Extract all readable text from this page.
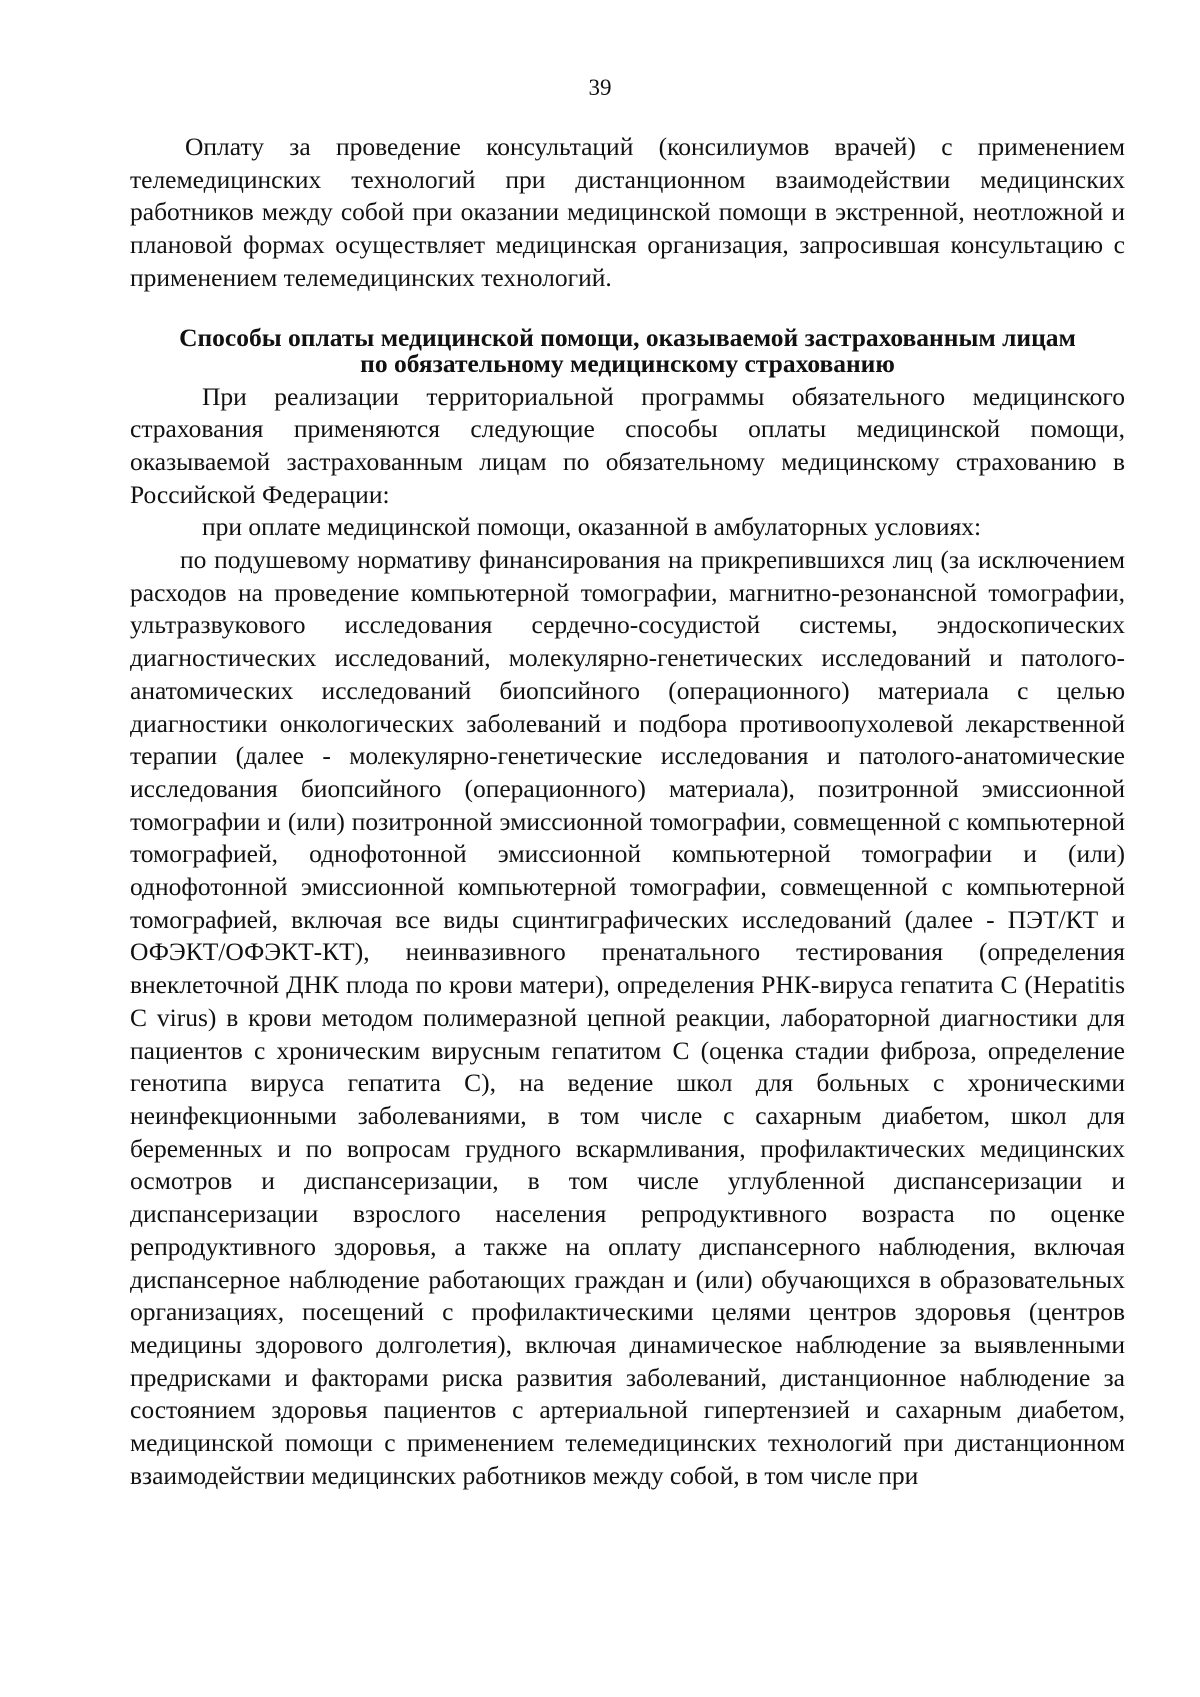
39

Оплату за проведение консультаций (консилиумов врачей) с применением телемедицинских технологий при дистанционном взаимодействии медицинских работников между собой при оказании медицинской помощи в экстренной, неотложной и плановой формах осуществляет медицинская организация, запросившая консультацию с применением телемедицинских технологий.

Способы оплаты медицинской помощи, оказываемой застрахованным лицам
по обязательному медицинскому страхованию

При реализации территориальной программы обязательного медицинского страхования применяются следующие способы оплаты медицинской помощи, оказываемой застрахованным лицам по обязательному медицинскому страхованию в Российской Федерации:

при оплате медицинской помощи, оказанной в амбулаторных условиях:

по подушевому нормативу финансирования на прикрепившихся лиц (за исключением расходов на проведение компьютерной томографии, магнитно-резонансной томографии, ультразвукового исследования сердечно-сосудистой системы, эндоскопических диагностических исследований, молекулярно-генетических исследований и патолого-анатомических исследований биопсийного (операционного) материала с целью диагностики онкологических заболеваний и подбора противоопухолевой лекарственной терапии (далее - молекулярно-генетические исследования и патолого-анатомические исследования биопсийного (операционного) материала), позитронной эмиссионной томографии и (или) позитронной эмиссионной томографии, совмещенной с компьютерной томографией, однофотонной эмиссионной компьютерной томографии и (или) однофотонной эмиссионной компьютерной томографии, совмещенной с компьютерной томографией, включая все виды сцинтиграфических исследований (далее - ПЭТ/КТ и ОФЭКТ/ОФЭКТ-КТ), неинвазивного пренатального тестирования (определения внеклеточной ДНК плода по крови матери), определения РНК-вируса гепатита С (Hepatitis С virus) в крови методом полимеразной цепной реакции, лабораторной диагностики для пациентов с хроническим вирусным гепатитом С (оценка стадии фиброза, определение генотипа вируса гепатита С), на ведение школ для больных с хроническими неинфекционными заболеваниями, в том числе с сахарным диабетом, школ для беременных и по вопросам грудного вскармливания, профилактических медицинских осмотров и диспансеризации, в том числе углубленной диспансеризации и диспансеризации взрослого населения репродуктивного возраста по оценке репродуктивного здоровья, а также на оплату диспансерного наблюдения, включая диспансерное наблюдение работающих граждан и (или) обучающихся в образовательных организациях, посещений с профилактическими целями центров здоровья (центров медицины здорового долголетия), включая динамическое наблюдение за выявленными предрисками и факторами риска развития заболеваний, дистанционное наблюдение за состоянием здоровья пациентов с артериальной гипертензией и сахарным диабетом, медицинской помощи с применением телемедицинских технологий при дистанционном взаимодействии медицинских работников между собой, в том числе при
